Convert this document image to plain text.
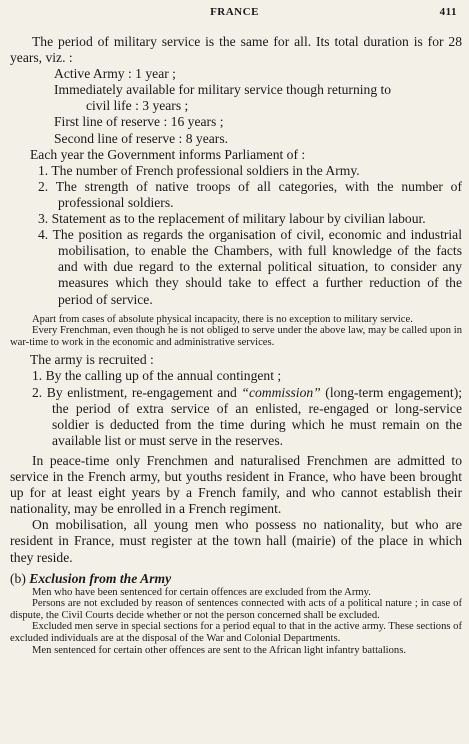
FRANCE	411

The period of military service is the same for all. Its total duration is for 28 years, viz. :

Active Army : 1 year ;

Immediately available for military service though returning to

civil life : 3 years ;

First line of reserve : 16 years ;

Second line of reserve : 8 years.

Each year the Government informs Parliament of :

1. The number of French professional soldiers in the Army.

2. The strength of native troops of all categories, with the number of professional soldiers.

3. Statement as to the replacement of military labour by civilian labour.

4. The position as regards the organisation of civil, economic and industrial mobilisation, to enable the Chambers, with full knowledge of the facts and with due regard to the external political situation, to consider any measures which they should take to effect a further reduction of the period of service.

Apart from cases of absolute physical incapacity, there is no exception to military service.

Every Frenchman, even though he is not obliged to serve under the above law, may be called upon in war-time to work in the economic and administrative services.

The army is recruited :

1. By the calling up of the annual contingent ;

2. By enlistment, re-engagement and “commission” (long-term engagement); the period of extra service of an enlisted, re-engaged or long-service soldier is deducted from the time during which he must remain on the available list or must serve in the reserves.

In peace-time only Frenchmen and naturalised Frenchmen are admitted to service in the French army, but youths resident in France, who have been brought up for at least eight years by a French family, and who cannot establish their nationality, may be enrolled in a French regiment.

On mobilisation, all young men who possess no nationality, but who are resident in France, must register at the town hall (mairie) of the place in which they reside.

(b) Exclusion from the Army

Men who have been sentenced for certain offences are excluded from the Army.

Persons are not excluded by reason of sentences connected with acts of a political nature ; in case of dispute, the Civil Courts decide whether or not the person concerned shall be excluded.

Excluded men serve in special sections for a period equal to that in the active army. These sections of excluded individuals are at the disposal of the War and Colonial Departments.

Men sentenced for certain other offences are sent to the African light infantry battalions.
